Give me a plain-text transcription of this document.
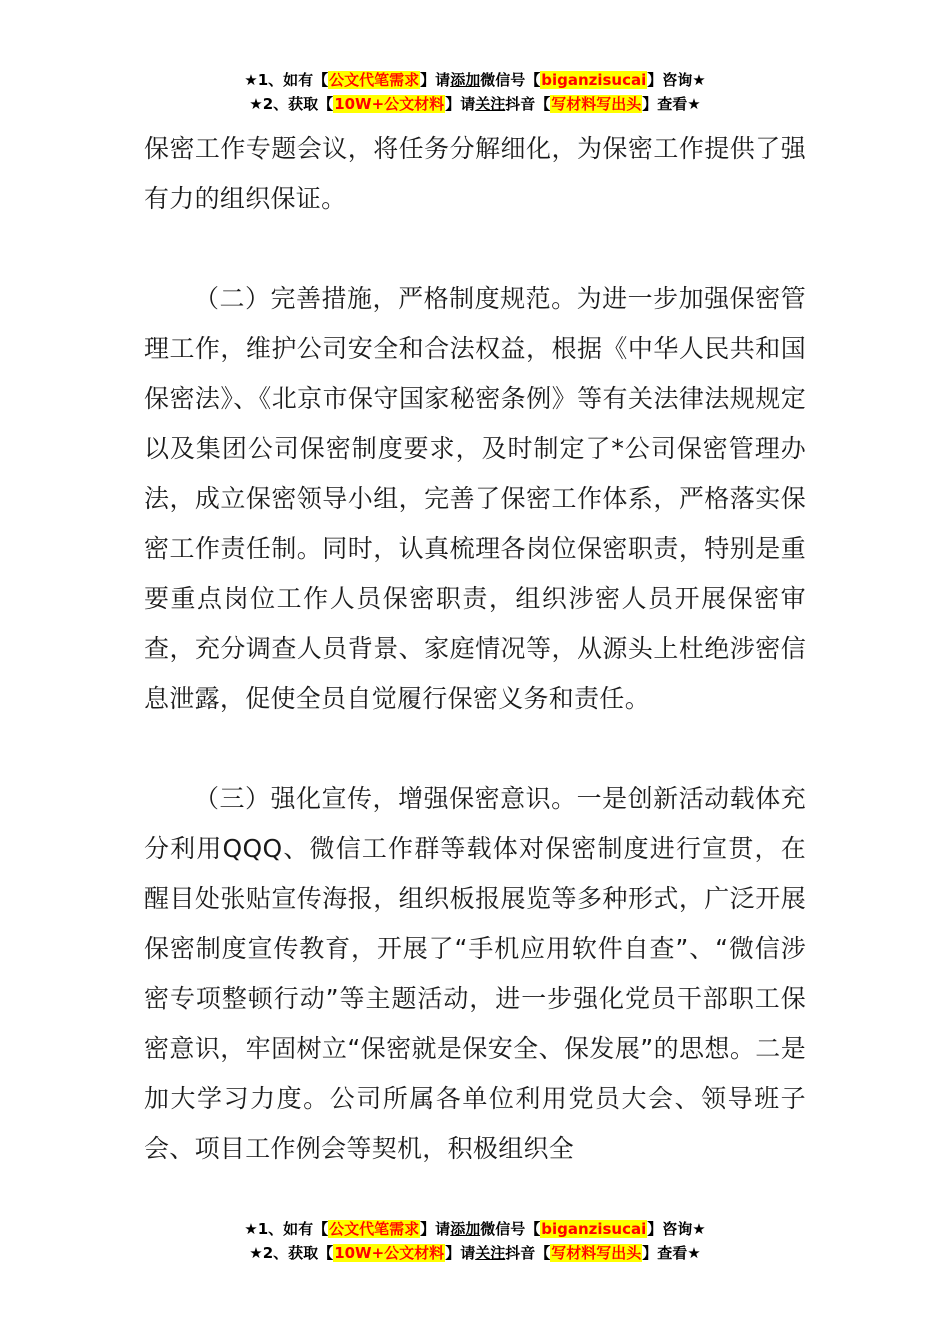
★1、如有【公文代笔需求】请添加微信号【biganzisucai】咨询★
★2、获取【10W+公文材料】请关注抖音【写材料写出头】查看★

保密工作专题会议，将任务分解细化，为保密工作提供了强有力的组织保证。

（二）完善措施，严格制度规范。为进一步加强保密管理工作，维护公司安全和合法权益，根据《中华人民共和国保密法》、《北京市保守国家秘密条例》等有关法律法规规定以及集团公司保密制度要求，及时制定了*公司保密管理办法，成立保密领导小组，完善了保密工作体系，严格落实保密工作责任制。同时，认真梳理各岗位保密职责，特别是重要重点岗位工作人员保密职责，组织涉密人员开展保密审查，充分调查人员背景、家庭情况等，从源头上杜绝涉密信息泄露，促使全员自觉履行保密义务和责任。

（三）强化宣传，增强保密意识。一是创新活动载体充分利用QQQ、微信工作群等载体对保密制度进行宣贯，在醒目处张贴宣传海报，组织板报展览等多种形式，广泛开展保密制度宣传教育，开展了“手机应用软件自查”、“微信涉密专项整顿行动”等主题活动，进一步强化党员干部职工保密意识，牢固树立“保密就是保安全、保发展”的思想。二是加大学习力度。公司所属各单位利用党员大会、领导班子会、项目工作例会等契机，积极组织全

★1、如有【公文代笔需求】请添加微信号【biganzisucai】咨询★
★2、获取【10W+公文材料】请关注抖音【写材料写出头】查看★
